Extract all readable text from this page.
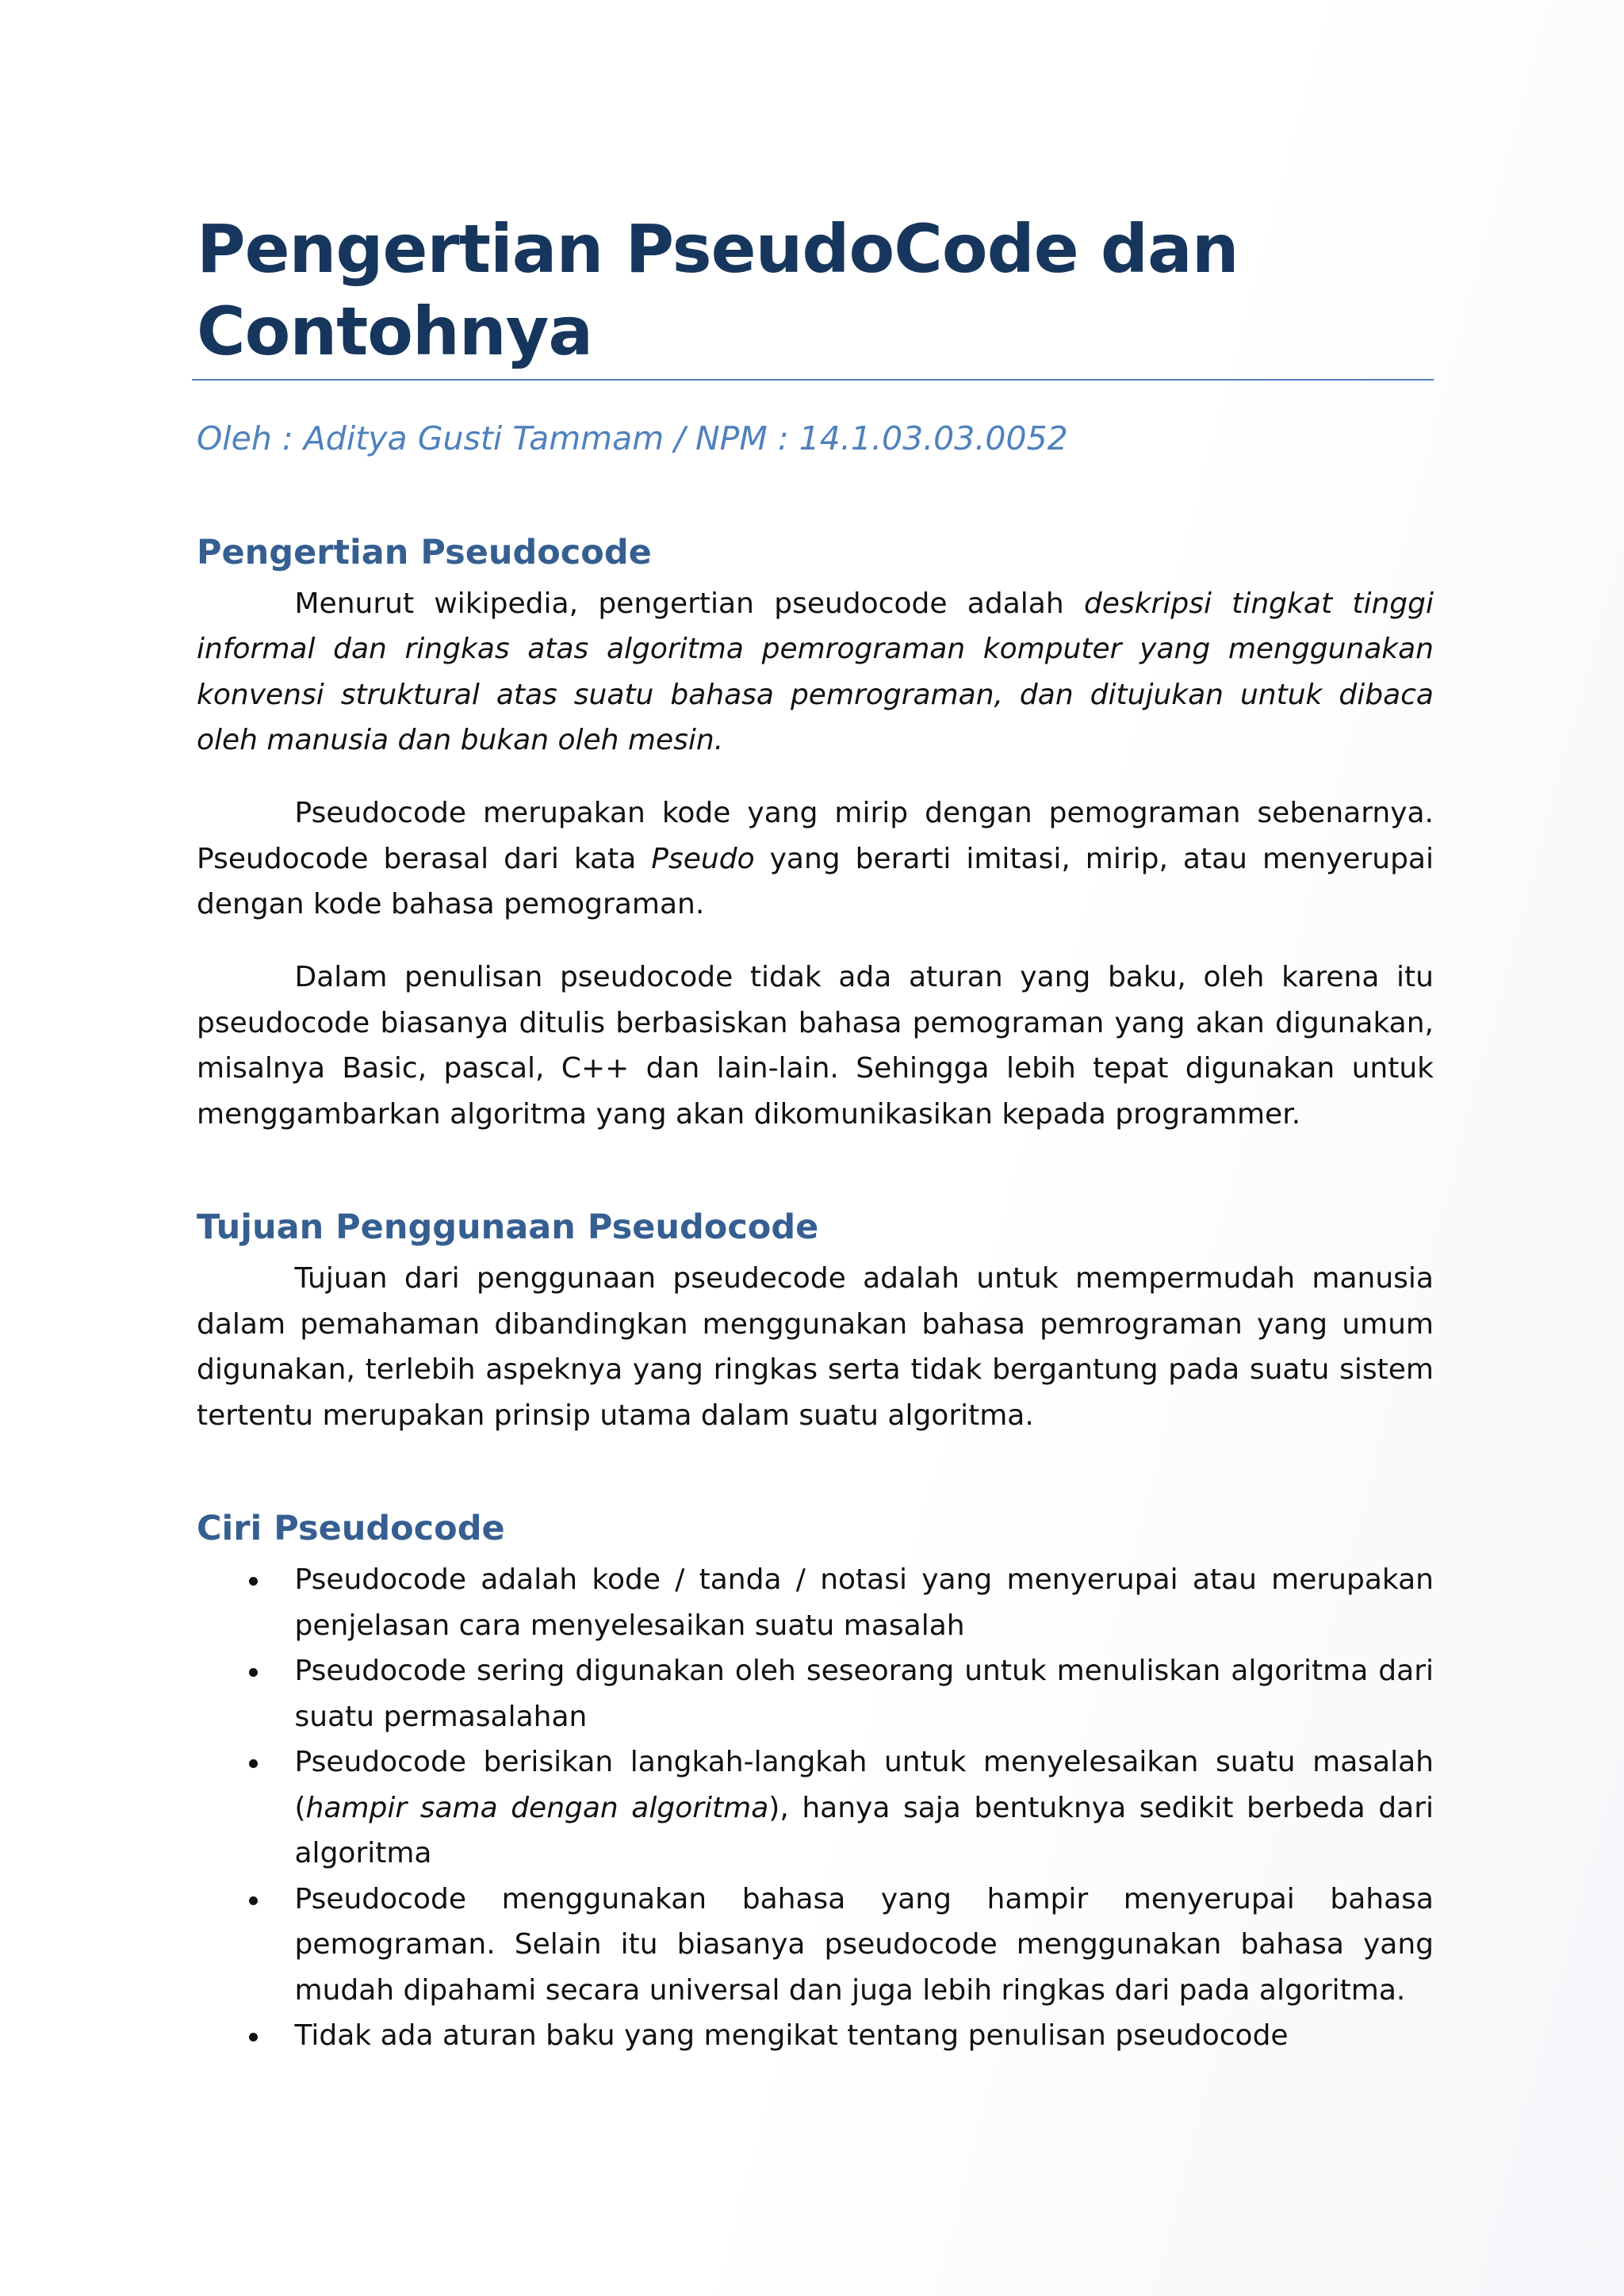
Pengertian PseudoCode dan Contohnya
Oleh : Aditya Gusti Tammam / NPM : 14.1.03.03.0052
Pengertian Pseudocode

Menurut wikipedia, pengertian pseudocode adalah deskripsi tingkat tinggi informal dan ringkas atas algoritma pemrograman komputer yang menggunakan konvensi struktural atas suatu bahasa pemrograman, dan ditujukan untuk dibaca oleh manusia dan bukan oleh mesin.

Pseudocode merupakan kode yang mirip dengan pemograman sebenarnya. Pseudocode berasal dari kata Pseudo yang berarti imitasi, mirip, atau menyerupai dengan kode bahasa pemograman.

Dalam penulisan pseudocode tidak ada aturan yang baku, oleh karena itu pseudocode biasanya ditulis berbasiskan bahasa pemograman yang akan digunakan, misalnya Basic, pascal, C++ dan lain-lain. Sehingga lebih tepat digunakan untuk menggambarkan algoritma yang akan dikomunikasikan kepada programmer.

Tujuan Penggunaan Pseudocode

Tujuan dari penggunaan pseudecode adalah untuk mempermudah manusia dalam pemahaman dibandingkan menggunakan bahasa pemrograman yang umum digunakan, terlebih aspeknya yang ringkas serta tidak bergantung pada suatu sistem tertentu merupakan prinsip utama dalam suatu algoritma.

Ciri Pseudocode
Pseudocode adalah kode / tanda / notasi yang menyerupai atau merupakan penjelasan cara menyelesaikan suatu masalah
Pseudocode sering digunakan oleh seseorang untuk menuliskan algoritma dari suatu permasalahan
Pseudocode berisikan langkah-langkah untuk menyelesaikan suatu masalah (hampir sama dengan algoritma), hanya saja bentuknya sedikit berbeda dari algoritma
Pseudocode menggunakan bahasa yang hampir menyerupai bahasa pemograman. Selain itu biasanya pseudocode menggunakan bahasa yang mudah dipahami secara universal dan juga lebih ringkas dari pada algoritma.
Tidak ada aturan baku yang mengikat tentang penulisan pseudocode
